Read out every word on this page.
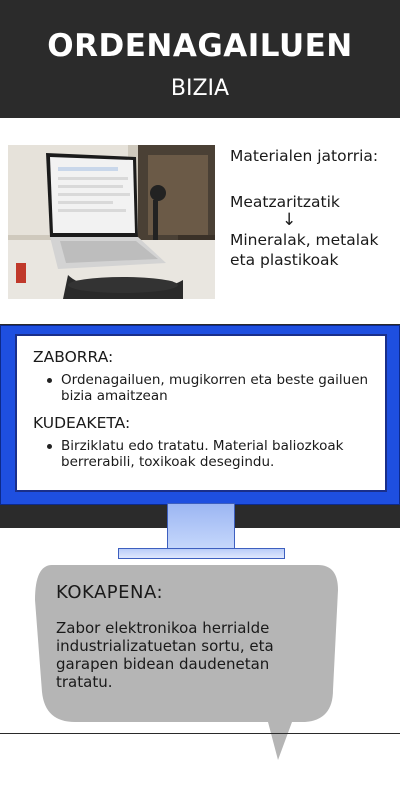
ORDENAGAILUEN
BIZIA
Materialen jatorria:
Meatzaritzatik
↓
Mineralak, metalak eta plastikoak
ZABORRA:
Ordenagailuen, mugikorren eta beste gailuen bizia amaitzean
KUDEAKETA:
Birziklatu edo tratatu. Material baliozkoak berrerabili, toxikoak desegindu.
KOKAPENA:
Zabor elektronikoa herrialde industrializatuetan sortu, eta garapen bidean daudenetan tratatu.
